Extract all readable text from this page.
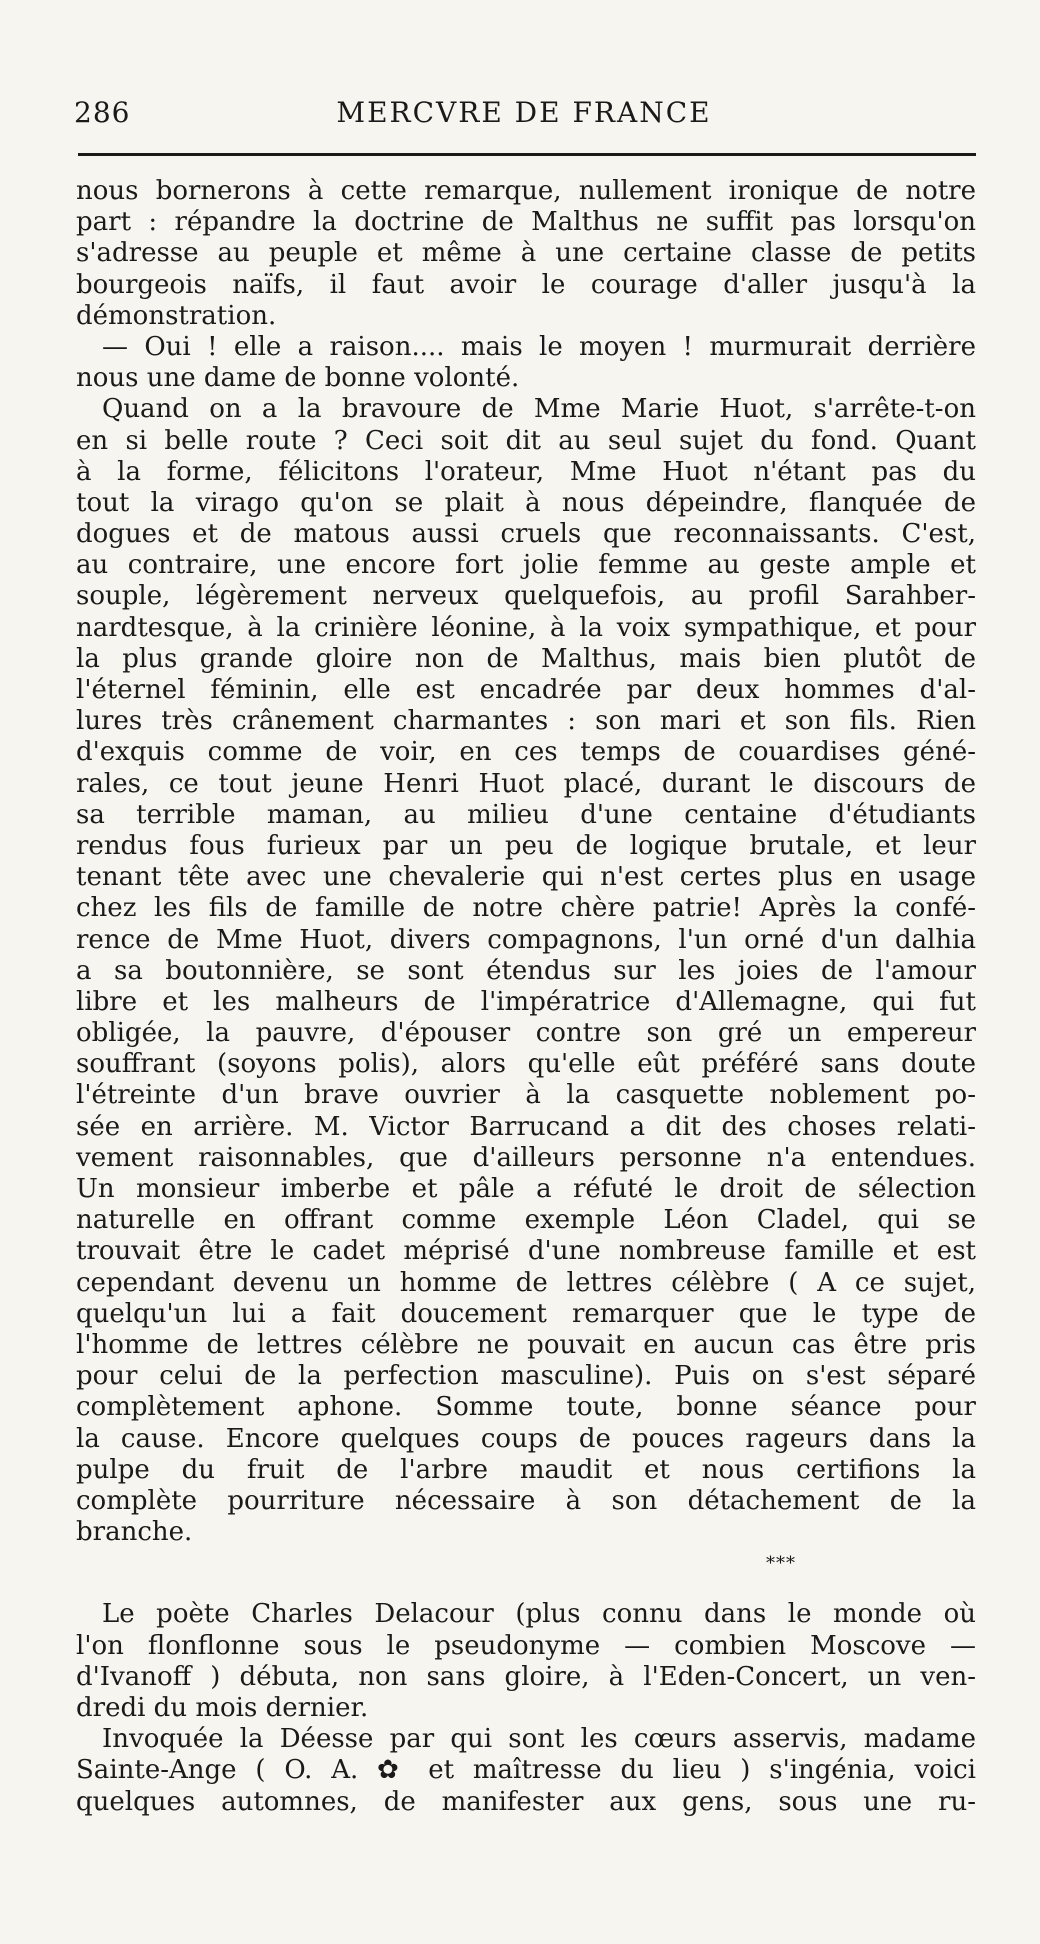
286	MERCVRE DE FRANCE
nous bornerons à cette remarque, nullement ironique de notre
part : répandre la doctrine de Malthus ne suffit pas lorsqu'on
s'adresse au peuple et même à une certaine classe de petits
bourgeois naïfs, il faut avoir le courage d'aller jusqu'à la
démonstration.
— Oui ! elle a raison.... mais le moyen ! murmurait derrière
nous une dame de bonne volonté.
Quand on a la bravoure de Mme Marie Huot, s'arrête-t-on
en si belle route ? Ceci soit dit au seul sujet du fond. Quant
à la forme, félicitons l'orateur, Mme Huot n'étant pas du
tout la virago qu'on se plait à nous dépeindre, flanquée de
dogues et de matous aussi cruels que reconnaissants. C'est,
au contraire, une encore fort jolie femme au geste ample et
souple, légèrement nerveux quelquefois, au profil Sarahber-
nardtesque, à la crinière léonine, à la voix sympathique, et pour
la plus grande gloire non de Malthus, mais bien plutôt de
l'éternel féminin, elle est encadrée par deux hommes d'al-
lures très crânement charmantes : son mari et son fils. Rien
d'exquis comme de voir, en ces temps de couardises géné-
rales, ce tout jeune Henri Huot placé, durant le discours de
sa terrible maman, au milieu d'une centaine d'étudiants
rendus fous furieux par un peu de logique brutale, et leur
tenant tête avec une chevalerie qui n'est certes plus en usage
chez les fils de famille de notre chère patrie! Après la confé-
rence de Mme Huot, divers compagnons, l'un orné d'un dalhia
a sa boutonnière, se sont étendus sur les joies de l'amour
libre et les malheurs de l'impératrice d'Allemagne, qui fut
obligée, la pauvre, d'épouser contre son gré un empereur
souffrant (soyons polis), alors qu'elle eût préféré sans doute
l'étreinte d'un brave ouvrier à la casquette noblement po-
sée en arrière. M. Victor Barrucand a dit des choses relati-
vement raisonnables, que d'ailleurs personne n'a entendues.
Un monsieur imberbe et pâle a réfuté le droit de sélection
naturelle en offrant comme exemple Léon Cladel, qui se
trouvait être le cadet méprisé d'une nombreuse famille et est
cependant devenu un homme de lettres célèbre ( A ce sujet,
quelqu'un lui a fait doucement remarquer que le type de
l'homme de lettres célèbre ne pouvait en aucun cas être pris
pour celui de la perfection masculine). Puis on s'est séparé
complètement aphone. Somme toute, bonne séance pour
la cause. Encore quelques coups de pouces rageurs dans la
pulpe du fruit de l'arbre maudit et nous certifions la
complète pourriture nécessaire à son détachement de la
branche.
***
Le poète Charles Delacour (plus connu dans le monde où
l'on flonflonne sous le pseudonyme — combien Moscove —
d'Ivanoff ) débuta, non sans gloire, à l'Eden-Concert, un ven-
dredi du mois dernier.
Invoquée la Déesse par qui sont les cœurs asservis, madame
Sainte-Ange ( O. A. ✿ et maîtresse du lieu ) s'ingénia, voici
quelques automnes, de manifester aux gens, sous une ru-
